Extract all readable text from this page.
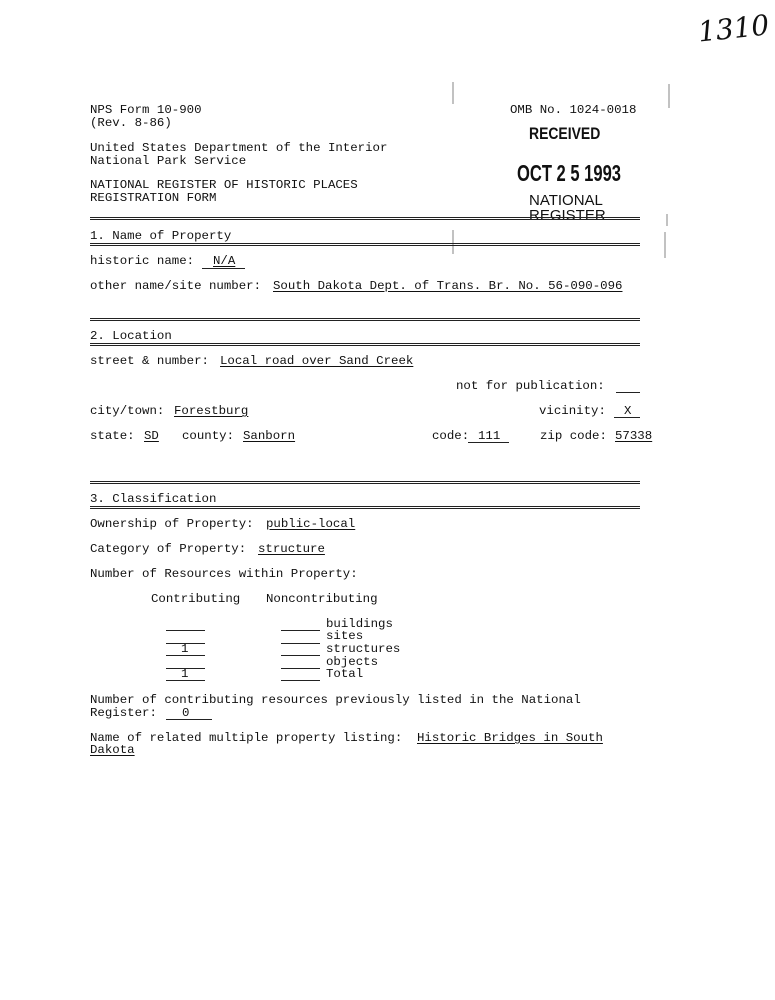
1310
NPS Form 10-900
(Rev. 8-86)
OMB No. 1024-0018
United States Department of the Interior
National Park Service
NATIONAL REGISTER OF HISTORIC PLACES
REGISTRATION FORM
RECEIVED
OCT 2 5 1993
NATIONAL
REGISTER
1. Name of Property
historic name: N/A
other name/site number: South Dakota Dept. of Trans. Br. No. 56-090-096
2. Location
street & number: Local road over Sand Creek
not for publication:
city/town: Forestburg	vicinity: X
state: SD county: Sanborn	code: 111	zip code: 57338
3. Classification
Ownership of Property: public-local
Category of Property: structure
Number of Resources within Property:
Contributing Noncontributing
buildings
sites
1	structures
objects
1	Total
Number of contributing resources previously listed in the National
Register: 0
Name of related multiple property listing: Historic Bridges in South
Dakota
